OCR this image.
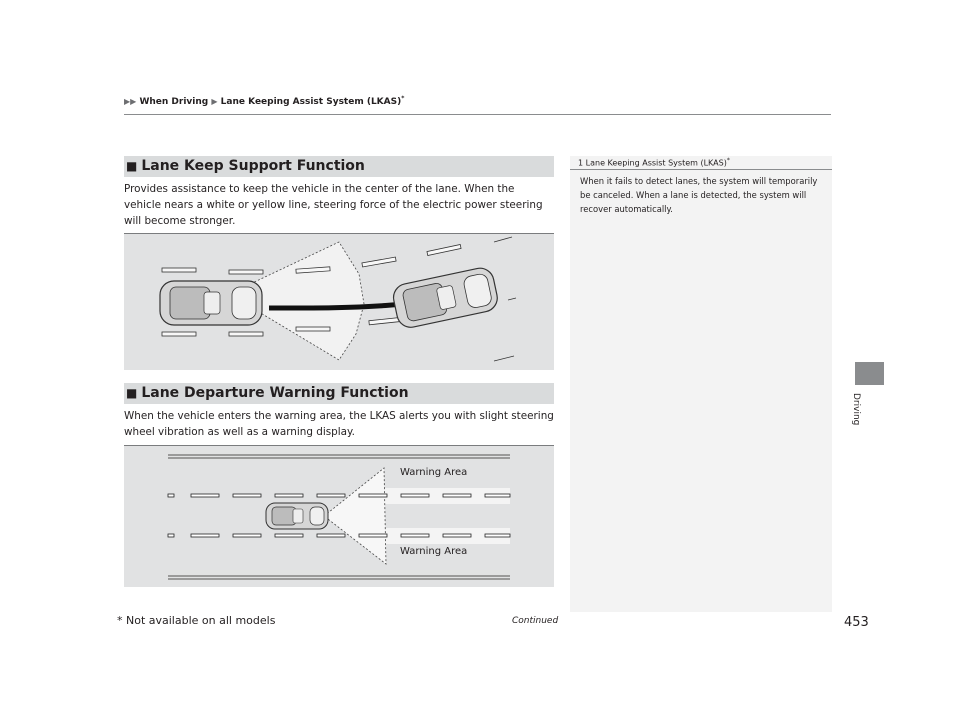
▶▶ When Driving ▶ Lane Keeping Assist System (LKAS)*
■ Lane Keep Support Function
Provides assistance to keep the vehicle in the center of the lane. When the vehicle nears a white or yellow line, steering force of the electric power steering will become stronger.
■ Lane Departure Warning Function
When the vehicle enters the warning area, the LKAS alerts you with slight steering wheel vibration as well as a warning display.
Warning Area
Warning Area
1 Lane Keeping Assist System (LKAS)*
When it fails to detect lanes, the system will temporarily be canceled. When a lane is detected, the system will recover automatically.
Driving
* Not available on all models	Continued	453
